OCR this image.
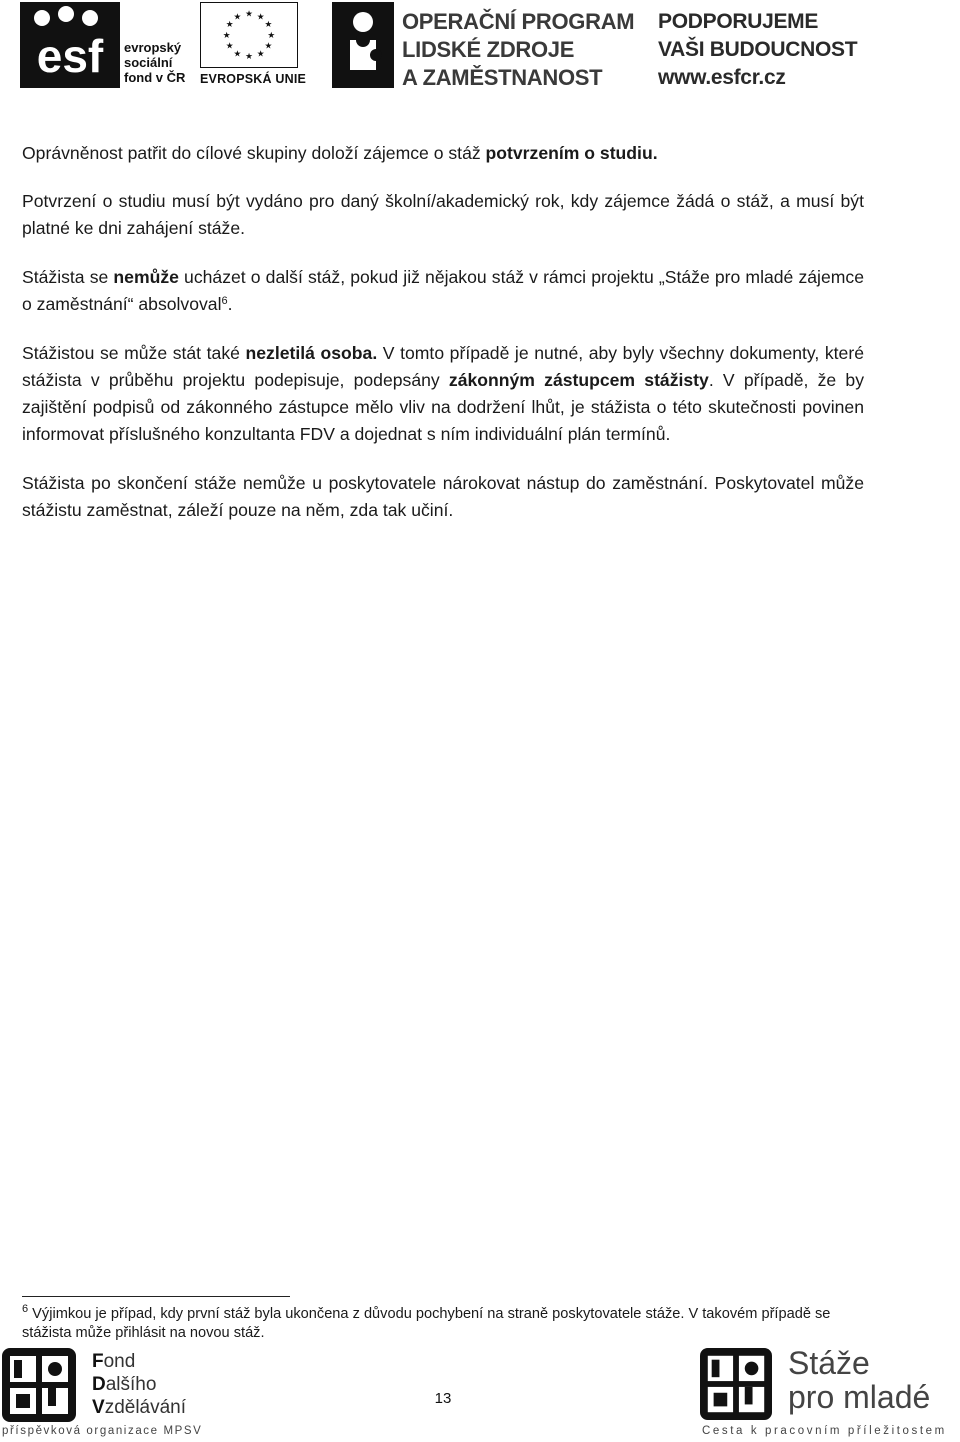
esf evropský
sociální
fond v ČR
★ ★
★
★
★
★
★
★
★
★
★
★
EVROPSKÁ UNIE
OPERAČNÍ PROGRAM
LIDSKÉ ZDROJE
A ZAMĚSTNANOST
PODPORUJEME
VAŠI BUDOUCNOST
www.esfcr.cz

Oprávněnost patřit do cílové skupiny doloží zájemce o stáž potvrzením o studiu.

Potvrzení o studiu musí být vydáno pro daný školní/akademický rok, kdy zájemce žádá o stáž, a musí být platné ke dni zahájení stáže.

Stážista se nemůže ucházet o další stáž, pokud již nějakou stáž v rámci projektu „Stáže pro mladé zájemce o zaměstnání“ absolvoval$^6$.

Stážistou se může stát také nezletilá osoba. V tomto případě je nutné, aby byly všechny dokumenty, které stážista v průběhu projektu podepisuje, podepsány zákonným zástupcem stážisty. V případě, že by zajištění podpisů od zákonného zástupce mělo vliv na dodržení lhůt, je stážista o této skutečnosti povinen informovat příslušného konzultanta FDV a dojednat s ním individuální plán termínů.

Stážista po skončení stáže nemůže u poskytovatele nárokovat nástup do zaměstnání. Poskytovatel může stážistu zaměstnat, záleží pouze na něm, zda tak učiní.

$^6$ Výjimkou je případ, kdy první stáž byla ukončena z důvodu pochybení na straně poskytovatele stáže. V takovém případě se stážista může přihlásit na novou stáž.
Fond
Dalšího
Vzdělávání
příspěvková organizace MPSV
13
Stáže
pro mladé
Cesta k pracovním příležitostem
